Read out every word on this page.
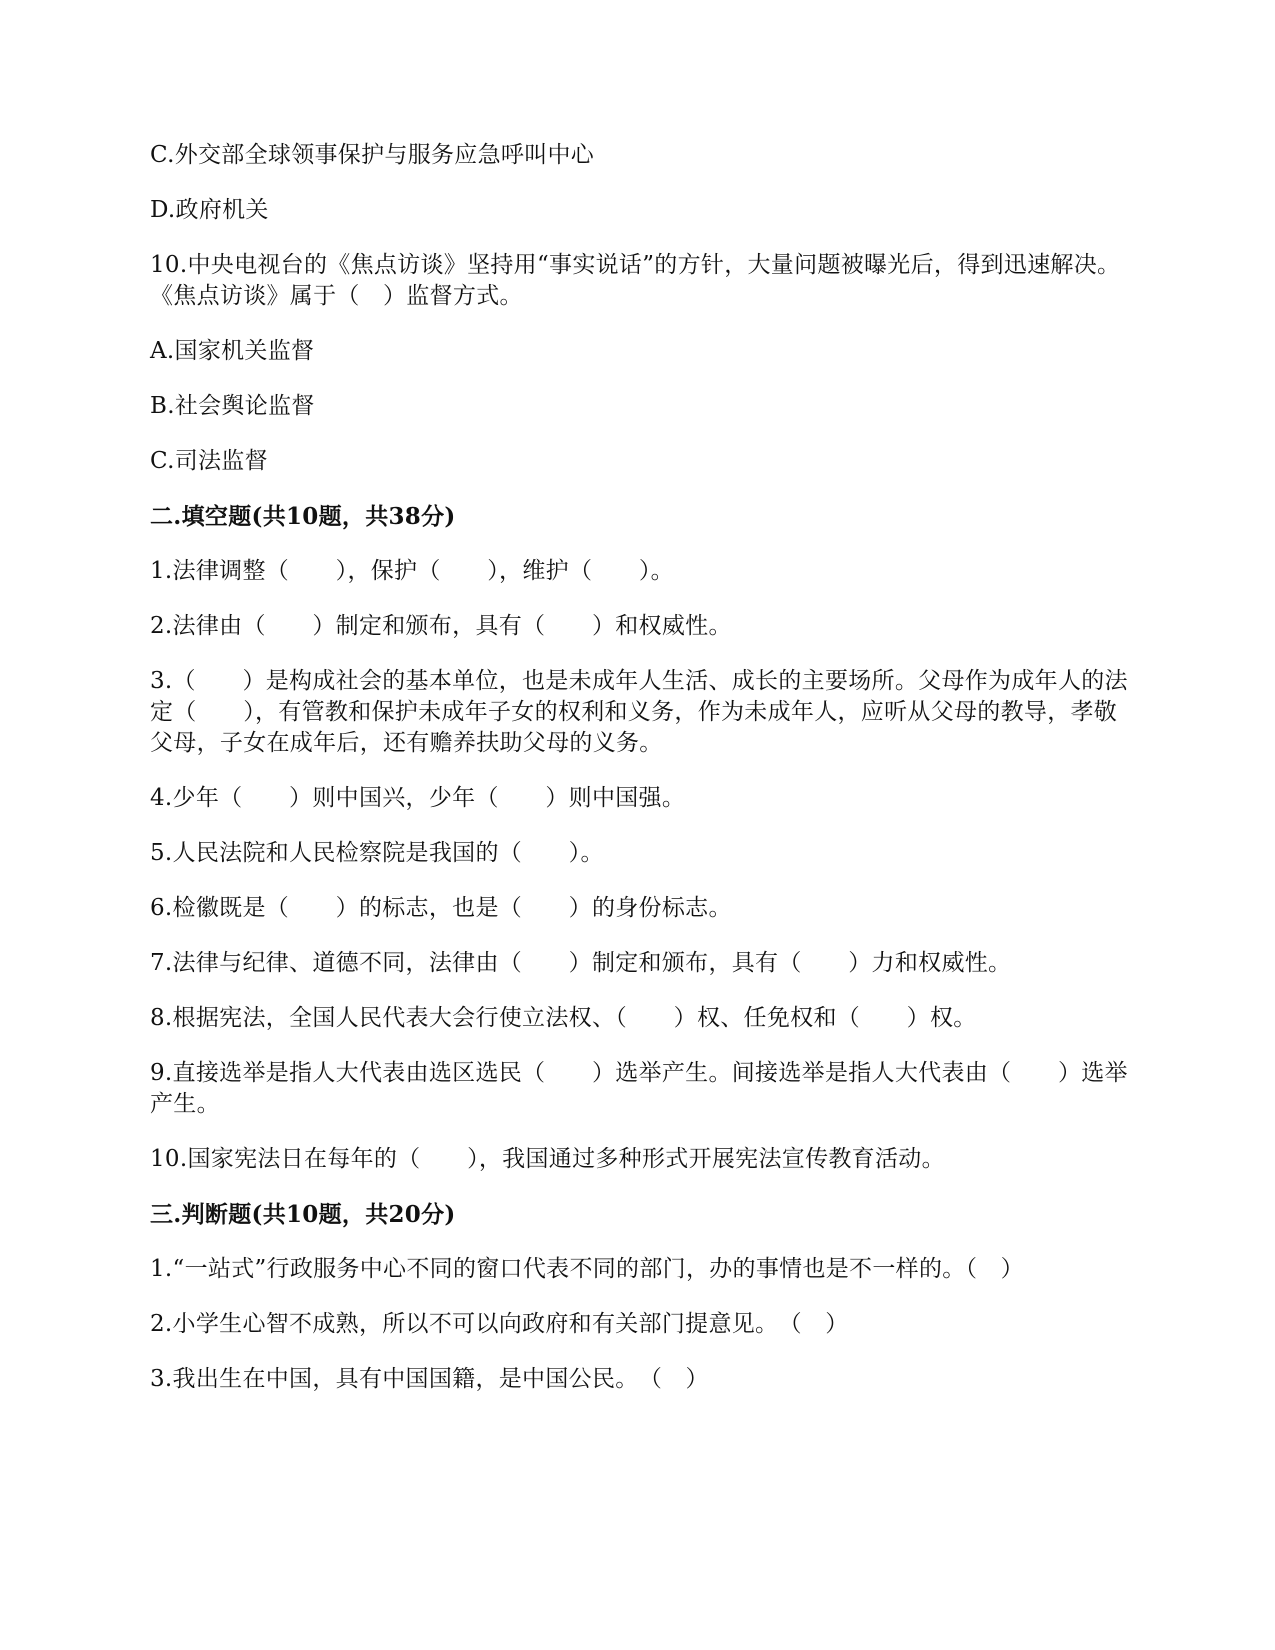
C.外交部全球领事保护与服务应急呼叫中心

D.政府机关

10.中央电视台的《焦点访谈》坚持用“事实说话”的方针，大量问题被曝光后，得到迅速解决。《焦点访谈》属于（　）监督方式。

A.国家机关监督

B.社会舆论监督

C.司法监督

二.填空题(共10题，共38分)

1.法律调整（　　），保护（　　），维护（　　）。

2.法律由（　　）制定和颁布，具有（　　）和权威性。

3.（　　）是构成社会的基本单位，也是未成年人生活、成长的主要场所。父母作为成年人的法定（　　），有管教和保护未成年子女的权利和义务，作为未成年人，应听从父母的教导，孝敬父母，子女在成年后，还有赡养扶助父母的义务。

4.少年（　　）则中国兴，少年（　　）则中国强。

5.人民法院和人民检察院是我国的（　　）。

6.检徽既是（　　）的标志，也是（　　）的身份标志。

7.法律与纪律、道德不同，法律由（　　）制定和颁布，具有（　　）力和权威性。

8.根据宪法，全国人民代表大会行使立法权、（　　）权、任免权和（　　）权。

9.直接选举是指人大代表由选区选民（　　）选举产生。间接选举是指人大代表由（　　）选举产生。

10.国家宪法日在每年的（　　），我国通过多种形式开展宪法宣传教育活动。

三.判断题(共10题，共20分)

1.“一站式”行政服务中心不同的窗口代表不同的部门，办的事情也是不一样的。（　）

2.小学生心智不成熟，所以不可以向政府和有关部门提意见。　（　）

3.我出生在中国，具有中国国籍，是中国公民。　（　）
